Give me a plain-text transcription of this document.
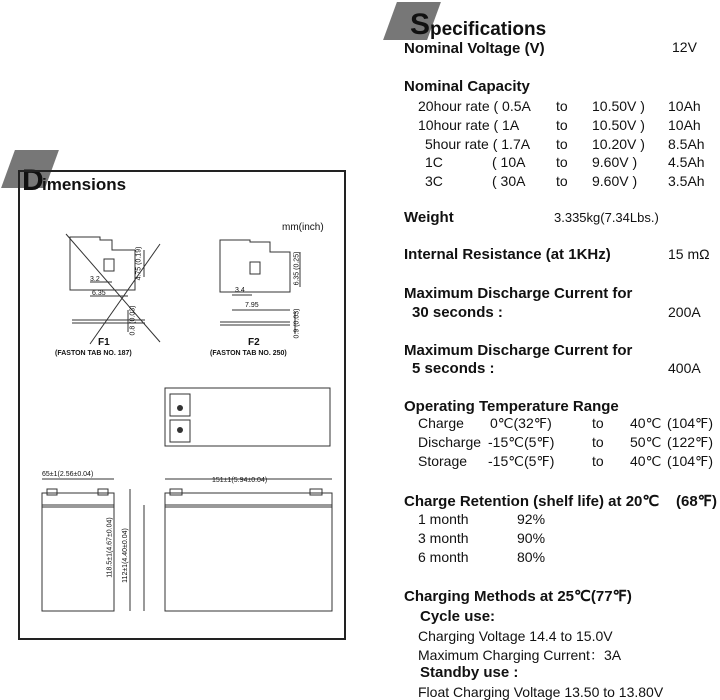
D
imensions
mm(inch)
3.2
6.35
4.75 (0.19)
0.8 (0.03)
F1
(FASTON TAB NO. 187)
3.4
7.95
6.35 (0.25)
0.9 (0.03)
F2
(FASTON TAB NO. 250)
65±1(2.56±0.04)
151±1(5.94±0.04)
118.5±1(4.67±0.04) 112±1(4.40±0.04)
S pecifications
Nominal Voltage (V)	12V
Nominal Capacity
20hour rate ( 0.5A to 10.50V ) 10Ah
10hour rate ( 1A	to 10.50V ) 10Ah
5hour rate ( 1.7A to 10.20V ) 8.5Ah
1C	( 10A to 9.60V ) 4.5Ah
3C	( 30A to 9.60V ) 3.5Ah
Weight	3.335kg(7.34Lbs.)
Internal Resistance (at 1KHz)	15 mΩ
Maximum Discharge Current for
30 seconds :	200A
Maximum Discharge Current for
5 seconds :	400A
Operating Temperature Range
Charge 0℃(32℉)	to 40℃ (104℉)
Discharge -15℃(5℉)	to 50℃ (122℉)
Storage -15℃(5℉)	to 40℃ (104℉)
Charge Retention (shelf life) at 20℃ (68℉)
1 month	92%
3 month	90%
6 month	80%
Charging Methods at 25℃(77℉)
Cycle use:
Charging Voltage 14.4 to 15.0V
Maximum Charging Current：3A
Standby use :
Float Charging Voltage 13.50 to 13.80V
